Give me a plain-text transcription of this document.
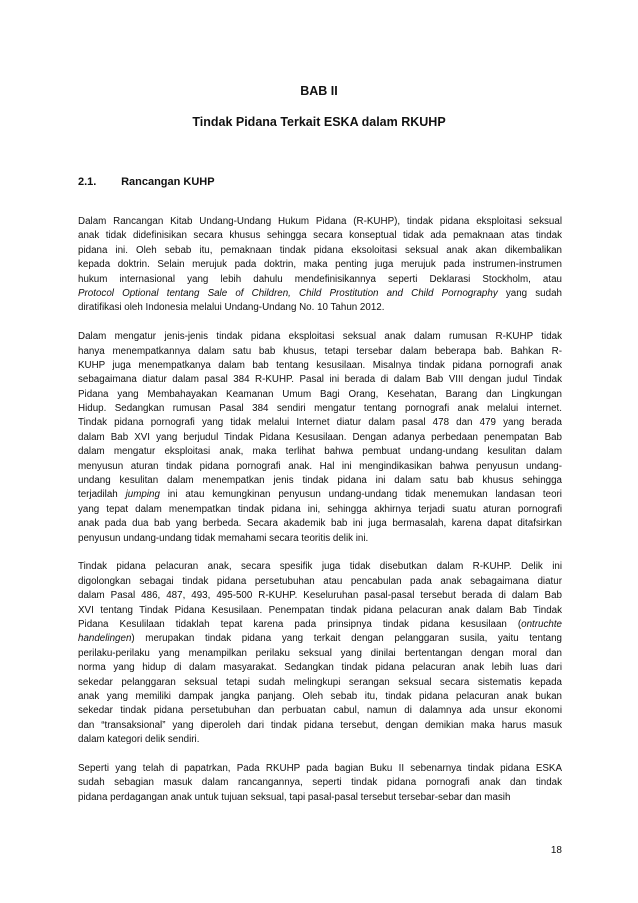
BAB II
Tindak Pidana Terkait ESKA dalam RKUHP
2.1. Rancangan KUHP
Dalam Rancangan Kitab Undang-Undang Hukum Pidana (R-KUHP), tindak pidana eksploitasi seksual
anak tidak didefinisikan secara khusus sehingga secara konseptual tidak ada pemaknaan atas tindak
pidana ini. Oleh sebab itu, pemaknaan tindak pidana eksoloitasi seksual anak akan dikembalikan
kepada doktrin. Selain merujuk pada doktrin, maka penting juga merujuk pada instrumen-instrumen
hukum internasional yang lebih dahulu mendefinisikannya seperti Deklarasi Stockholm, atau
Protocol Optional tentang Sale of Children, Child Prostitution and Child Pornography yang sudah
diratifikasi oleh Indonesia melalui Undang-Undang No. 10 Tahun 2012.
Dalam mengatur jenis-jenis tindak pidana eksploitasi seksual anak dalam rumusan R-KUHP tidak
hanya menempatkannya dalam satu bab khusus, tetapi tersebar dalam beberapa bab. Bahkan R-
KUHP juga menempatkanya dalam bab tentang kesusilaan. Misalnya tindak pidana pornografi anak
sebagaimana diatur dalam pasal 384 R-KUHP. Pasal ini berada di dalam Bab VIII dengan judul Tindak
Pidana yang Membahayakan Keamanan Umum Bagi Orang, Kesehatan, Barang dan Lingkungan
Hidup. Sedangkan rumusan Pasal 384 sendiri mengatur tentang pornografi anak melalui internet.
Tindak pidana pornografi yang tidak melalui Internet diatur dalam pasal 478 dan 479 yang berada
dalam Bab XVI yang berjudul Tindak Pidana Kesusilaan. Dengan adanya perbedaan penempatan Bab
dalam mengatur eksploitasi anak, maka terlihat bahwa pembuat undang-undang kesulitan dalam
menyusun aturan tindak pidana pornografi anak. Hal ini mengindikasikan bahwa penyusun undang-
undang kesulitan dalam menempatkan jenis tindak pidana ini dalam satu bab khusus sehingga
terjadilah jumping ini atau kemungkinan penyusun undang-undang tidak menemukan landasan teori
yang tepat dalam menempatkan tindak pidana ini, sehingga akhirnya terjadi suatu aturan pornografi
anak pada dua bab yang berbeda. Secara akademik bab ini juga bermasalah, karena dapat ditafsirkan
penyusun undang-undang tidak memahami secara teoritis delik ini.
Tindak pidana pelacuran anak, secara spesifik juga tidak disebutkan dalam R-KUHP. Delik ini
digolongkan sebagai tindak pidana persetubuhan atau pencabulan pada anak sebagaimana diatur
dalam Pasal 486, 487, 493, 495-500 R-KUHP. Keseluruhan pasal-pasal tersebut berada di dalam Bab
XVI tentang Tindak Pidana Kesusilaan. Penempatan tindak pidana pelacuran anak dalam Bab Tindak
Pidana Kesulilaan tidaklah tepat karena pada prinsipnya tindak pidana kesusilaan (ontruchte
handelingen) merupakan tindak pidana yang terkait dengan pelanggaran susila, yaitu tentang
perilaku-perilaku yang menampilkan perilaku seksual yang dinilai bertentangan dengan moral dan
norma yang hidup di dalam masyarakat. Sedangkan tindak pidana pelacuran anak lebih luas dari
sekedar pelanggaran seksual tetapi sudah melingkupi serangan seksual secara sistematis kepada
anak yang memiliki dampak jangka panjang. Oleh sebab itu, tindak pidana pelacuran anak bukan
sekedar tindak pidana persetubuhan dan perbuatan cabul, namun di dalamnya ada unsur ekonomi
dan “transaksional” yang diperoleh dari tindak pidana tersebut, dengan demikian maka harus masuk
dalam kategori delik sendiri.
Seperti yang telah di papatrkan, Pada RKUHP pada bagian Buku II sebenarnya tindak pidana ESKA
sudah sebagian masuk dalam rancangannya, seperti tindak pidana pornografi anak dan tindak
pidana perdagangan anak untuk tujuan seksual, tapi pasal-pasal tersebut tersebar-sebar dan masih
18
